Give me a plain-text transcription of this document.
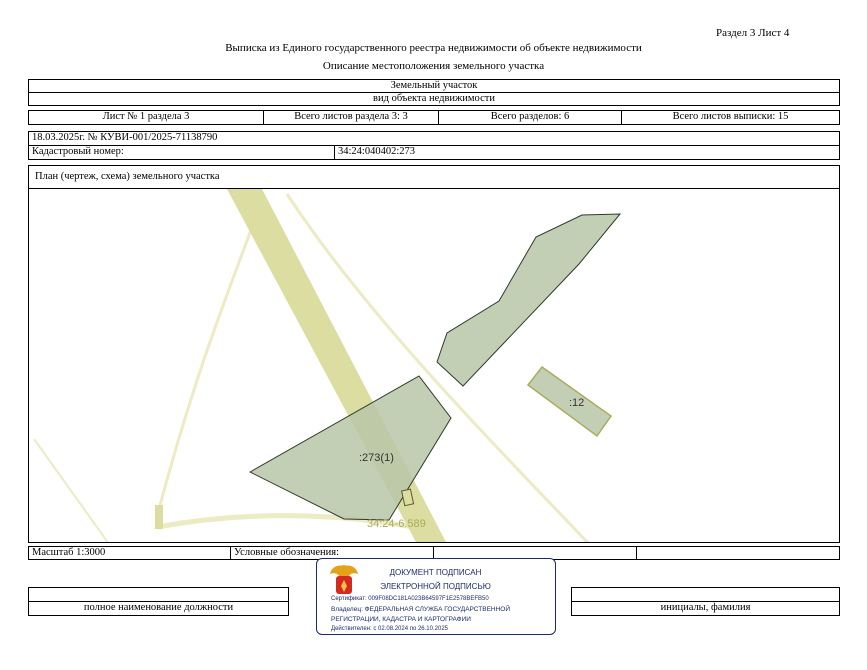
Раздел 3 Лист 4
Выписка из Единого государственного реестра недвижимости об объекте недвижимости
Описание местоположения земельного участка
Земельный участок
вид объекта недвижимости
Лист № 1 раздела 3	Всего листов раздела 3: 3	Всего разделов: 6	Всего листов выписки: 15
18.03.2025г. № КУВИ-001/2025-71138790
Кадастровый номер:	34:24:040402:273
План (чертеж, схема) земельного участка
:273(1)
:12
34:24-6.589
Масштаб 1:3000	Условные обозначения:
полное наименование должности	инициалы, фамилия
ДОКУМЕНТ ПОДПИСАН
ЭЛЕКТРОННОЙ ПОДПИСЬЮ
Сертификат: 009F08DC181A023B64597F1E2578BEFB50
Владелец: ФЕДЕРАЛЬНАЯ СЛУЖБА ГОСУДАРСТВЕННОЙ
РЕГИСТРАЦИИ, КАДАСТРА И КАРТОГРАФИИ
Действителен: с 02.08.2024 по 26.10.2025
